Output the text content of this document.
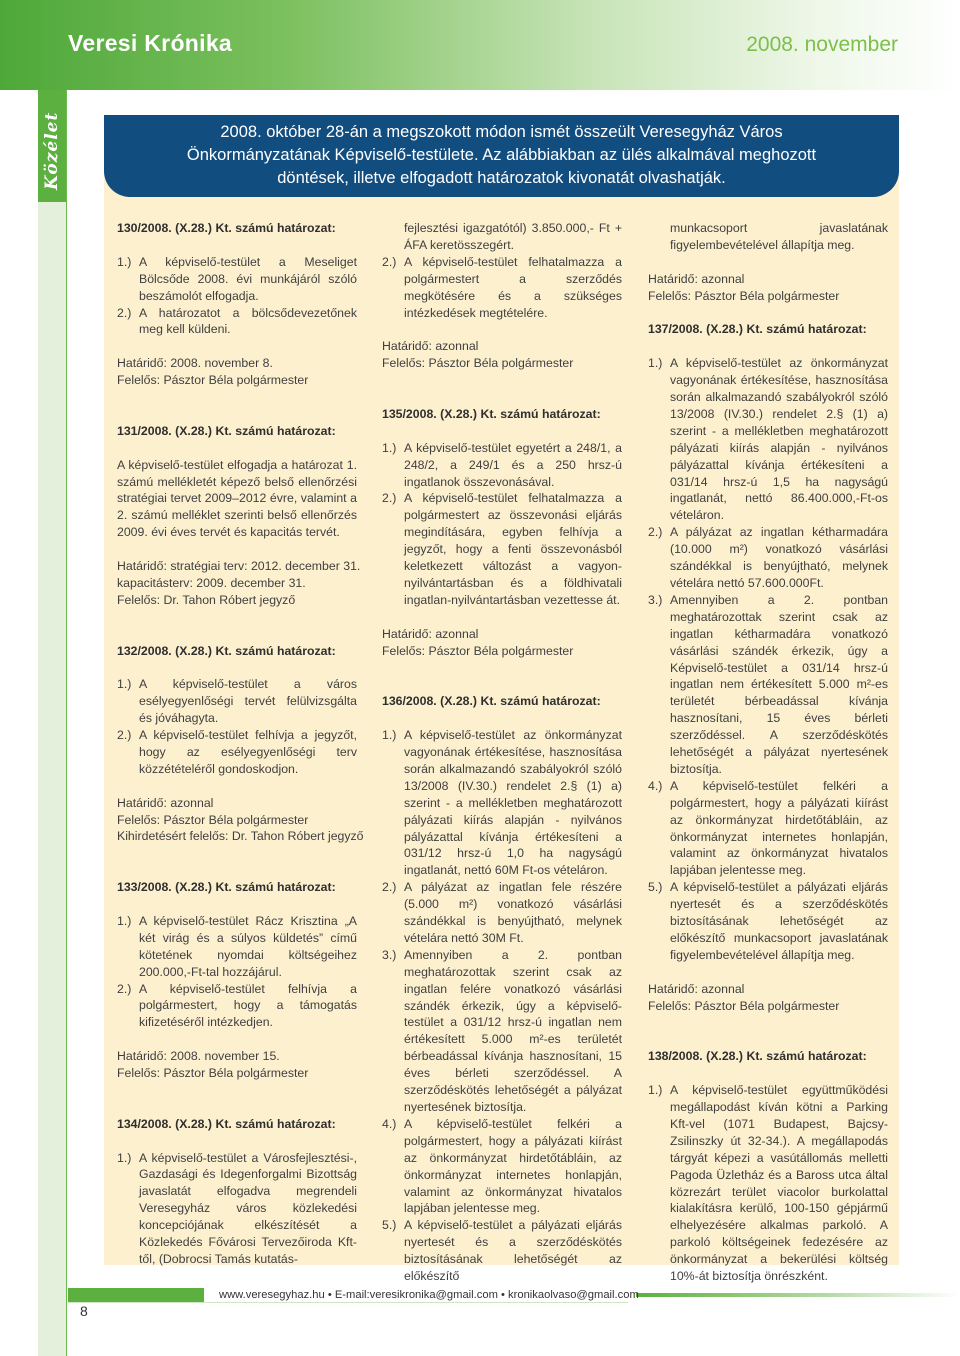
Veresi Krónika	2008. november
Közélet	2008. október 28-án a megszokott módon ismét összeült Veresegyház Város
Önkormányzatának Képviselő-testülete. Az alábbiakban az ülés alkalmával meghozott
döntések, illetve elfogadott határozatok kivonatát olvashatják.
130/2008. (X.28.) Kt. számú határozat:
1.) A képviselő-testület a Meseliget Bölcsőde 2008. évi munkájáról szóló beszámolót elfogadja.
2.) A határozatot a bölcsődevezetőnek meg kell küldeni.
Határidő: 2008. november 8.
Felelős: Pásztor Béla polgármester
131/2008. (X.28.) Kt. számú határozat:
A képviselő-testület elfogadja a határozat 1. számú mellékletét képező belső ellenőrzési stratégiai tervet 2009–2012 évre, valamint a 2. számú melléklet szerinti belső ellenőrzés 2009. évi éves tervét és kapacitás tervét.
Határidő: stratégiai terv: 2012. december 31.
kapacitásterv: 2009. december 31.
Felelős: Dr. Tahon Róbert jegyző
132/2008. (X.28.) Kt. számú határozat:
1.) A képviselő-testület a város esélyegyenlőségi tervét felülvizsgálta és jóváhagyta.
2.) A képviselő-testület felhívja a jegyzőt, hogy az esélyegyenlőségi terv közzétételéről gondoskodjon.
Határidő: azonnal
Felelős: Pásztor Béla polgármester
Kihirdetésért felelős: Dr. Tahon Róbert jegyző
133/2008. (X.28.) Kt. számú határozat:
1.) A képviselő-testület Rácz Krisztina „A két virág és a súlyos küldetés” című kötetének nyomdai költségeihez 200.000,-Ft-tal hozzájárul.
2.) A képviselő-testület felhívja a polgármestert, hogy a támogatás kifizetéséről intézkedjen.
Határidő: 2008. november 15.
Felelős: Pásztor Béla polgármester
134/2008. (X.28.) Kt. számú határozat:
1.) A képviselő-testület a Városfejlesztési-, Gazdasági és Idegenforgalmi Bizottság javaslatát elfogadva megrendeli Veresegyház város közlekedési koncepciójának elkészítését a Közlekedés Fővárosi Tervezőiroda Kft-től, (Dobrocsi Tamás kutatás-
fejlesztési igazgatótól) 3.850.000,- Ft + ÁFA keretösszegért.
2.) A képviselő-testület felhatalmazza a polgármestert a szerződés megkötésére és a szükséges intézkedések megtételére.
Határidő: azonnal
Felelős: Pásztor Béla polgármester
135/2008. (X.28.) Kt. számú határozat:
1.) A képviselő-testület egyetért a 248/1, a 248/2, a 249/1 és a 250 hrsz-ú ingatlanok összevonásával.
2.) A képviselő-testület felhatalmazza a polgármestert az összevonási eljárás megindítására, egyben felhívja a jegyzőt, hogy a fenti összevonásból keletkezett változást a vagyon-nyilvántartásban és a földhivatali ingatlan-nyilvántartásban vezettesse át.
Határidő: azonnal
Felelős: Pásztor Béla polgármester
136/2008. (X.28.) Kt. számú határozat:
1.) A képviselő-testület az önkormányzat vagyonának értékesítése, hasznosítása során alkalmazandó szabályokról szóló 13/2008 (IV.30.) rendelet 2.§ (1) a) szerint - a mellékletben meghatározott pályázati kiírás alapján - nyilvános pályázattal kívánja értékesíteni a 031/12 hrsz-ú 1,0 ha nagyságú ingatlanát, nettó 60M Ft-os vételáron.
2.) A pályázat az ingatlan fele részére (5.000 m²) vonatkozó vásárlási szándékkal is benyújtható, melynek vételára nettó 30M Ft.
3.) Amennyiben a 2. pontban meghatározottak szerint csak az ingatlan felére vonatkozó vásárlási szándék érkezik, úgy a képviselő-testület a 031/12 hrsz-ú ingatlan nem értékesített 5.000 m²-es területét bérbeadással kívánja hasznosítani, 15 éves bérleti szerződéssel. A szerződéskötés lehetőségét a pályázat nyertesének biztosítja.
4.) A képviselő-testület felkéri a polgármestert, hogy a pályázati kiírást az önkormányzat hirdetőtábláin, az önkormányzat internetes honlapján, valamint az önkormányzat hivatalos lapjában jelentesse meg.
5.) A képviselő-testület a pályázati eljárás nyertesét és a szerződéskötés biztosításának lehetőségét az előkészítő
munkacsoport javaslatának figyelembevételével állapítja meg.
Határidő: azonnal
Felelős: Pásztor Béla polgármester
137/2008. (X.28.) Kt. számú határozat:
1.) A képviselő-testület az önkormányzat vagyonának értékesítése, hasznosítása során alkalmazandó szabályokról szóló 13/2008 (IV.30.) rendelet 2.§ (1) a) szerint - a mellékletben meghatározott pályázati kiírás alapján - nyilvános pályázattal kívánja értékesíteni a 031/14 hrsz-ú 1,5 ha nagyságú ingatlanát, nettó 86.400.000,-Ft-os vételáron.
2.) A pályázat az ingatlan kétharmadára (10.000 m²) vonatkozó vásárlási szándékkal is benyújtható, melynek vételára nettó 57.600.000Ft.
3.) Amennyiben a 2. pontban meghatározottak szerint csak az ingatlan kétharmadára vonatkozó vásárlási szándék érkezik, úgy a Képviselő-testület a 031/14 hrsz-ú ingatlan nem értékesített 5.000 m²-es területét bérbeadással kívánja hasznosítani, 15 éves bérleti szerződéssel. A szerződéskötés lehetőségét a pályázat nyertesének biztosítja.
4.) A képviselő-testület felkéri a polgármestert, hogy a pályázati kiírást az önkormányzat hirdetőtábláin, az önkormányzat internetes honlapján, valamint az önkormányzat hivatalos lapjában jelentesse meg.
5.) A képviselő-testület a pályázati eljárás nyertesét és a szerződéskötés biztosításának lehetőségét az előkészítő munkacsoport javaslatának figyelembevételével állapítja meg.
Határidő: azonnal
Felelős: Pásztor Béla polgármester
138/2008. (X.28.) Kt. számú határozat:
1.) A képviselő-testület együttműködési megállapodást kíván kötni a Parking Kft-vel (1071 Budapest, Bajcsy-Zsilinszky út 32-34.). A megállapodás tárgyát képezi a vasútállomás melletti Pagoda Üzletház és a Baross utca által közrezárt terület viacolor burkolattal kialakításra kerülő, 100-150 gépjármű elhelyezésére alkalmas parkoló. A parkoló költségeinek fedezésére az önkormányzat a bekerülési költség 10%-át biztosítja önrészként.
www.veresegyhaz.hu • E-mail:veresikronika@gmail.com • kronikaolvaso@gmail.com
8
